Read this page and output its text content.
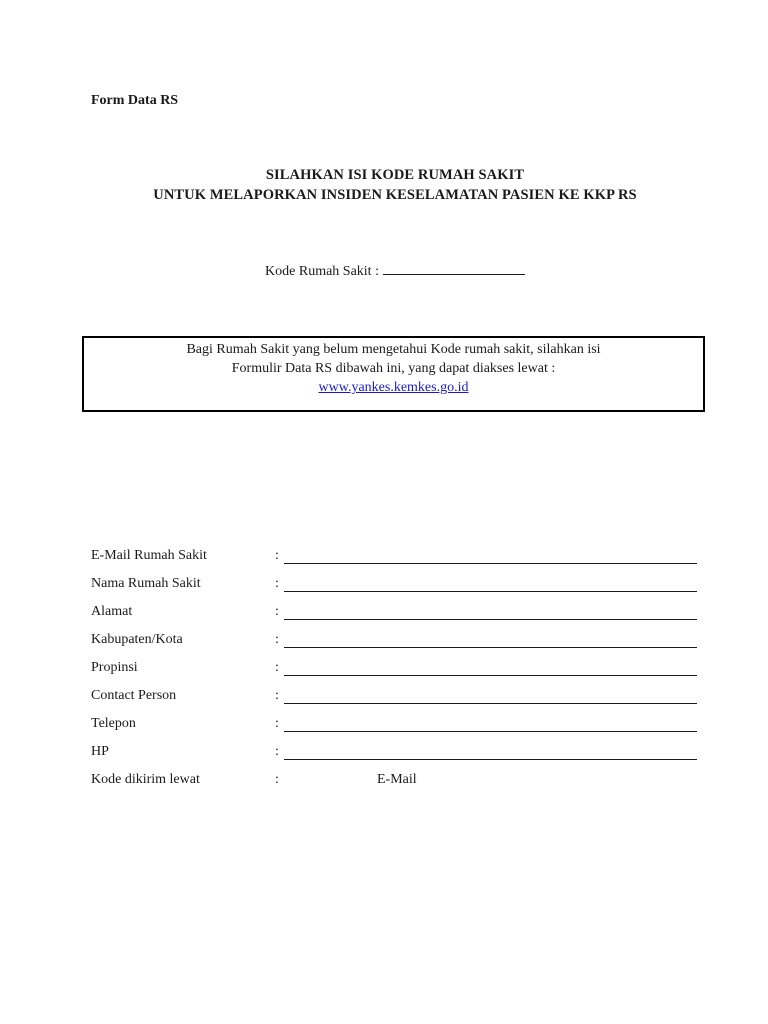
Form Data RS
SILAHKAN ISI KODE RUMAH SAKIT
UNTUK MELAPORKAN INSIDEN KESELAMATAN PASIEN KE KKP RS
Kode Rumah Sakit :
Bagi Rumah Sakit yang belum mengetahui Kode rumah sakit, silahkan isi
Formulir Data RS dibawah ini, yang dapat diakses lewat :
www.yankes.kemkes.go.id
E-Mail Rumah Sakit	:
Nama Rumah Sakit	:
Alamat	:
Kabupaten/Kota	:
Propinsi	:
Contact Person	:
Telepon	:
HP	:
Kode dikirim lewat	:	E-Mail
